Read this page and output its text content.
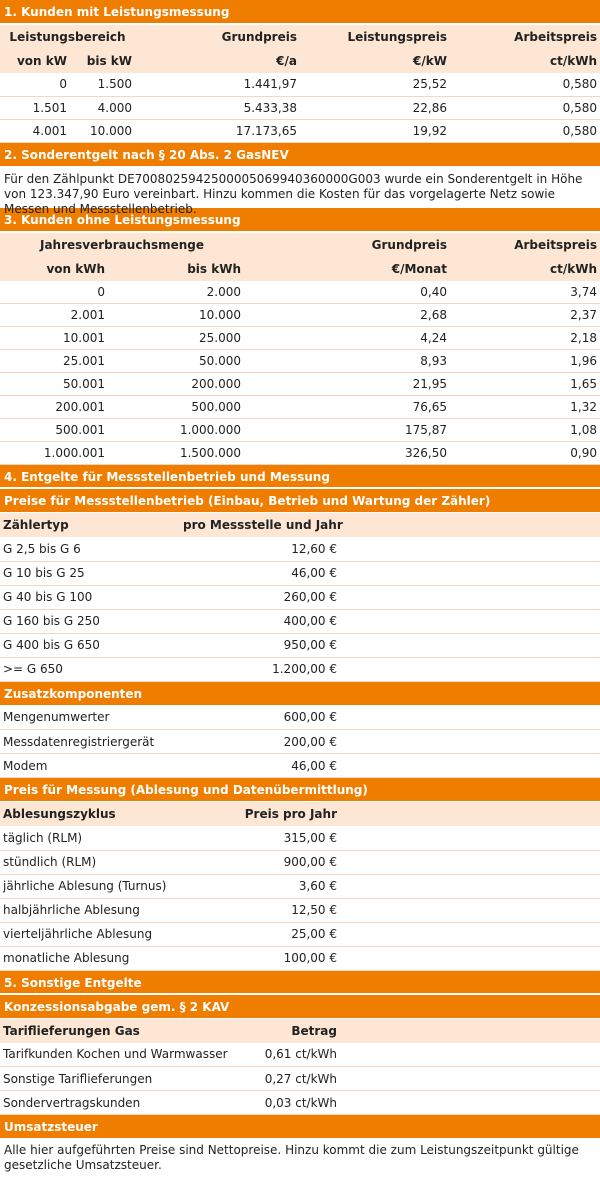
1. Kunden mit Leistungsmessung
Leistungsbereich		Grundpreis	Leistungspreis	Arbeitspreis
von kW	bis kW	€/a	€/kW	ct/kWh
0	1.500	1.441,97	25,52	0,580
1.501	4.000	5.433,38	22,86	0,580
4.001	10.000	17.173,65	19,92	0,580
2. Sonderentgelt nach § 20 Abs. 2 GasNEV
Für den Zählpunkt DE7008025942500005069940360000G003 wurde ein Sonderentgelt in Höhe von 123.347,90 Euro vereinbart. Hinzu kommen die Kosten für das vorgelagerte Netz sowie
3. Kunden ohne Leistungsmessung
Jahresverbrauchsmenge		Grundpreis	Arbeitspreis
von kWh	bis kWh	€/Monat	ct/kWh
0	2.000	0,40	3,74
2.001	10.000	2,68	2,37
10.001	25.000	4,24	2,18
25.001	50.000	8,93	1,96
50.001	200.000	21,95	1,65
200.001	500.000	76,65	1,32
500.001	1.000.000	175,87	1,08
1.000.001	1.500.000	326,50	0,90
4. Entgelte für Messstellenbetrieb und Messung
Preise für Messstellenbetrieb (Einbau, Betrieb und Wartung der Zähler)
Zählertyp	pro Messstelle und Jahr	
G 2,5 bis G 6	12,60 €	
G 10 bis G 25	46,00 €	
G 40 bis G 100	260,00 €	
G 160 bis G 250	400,00 €	
G 400 bis G 650	950,00 €	
>= G 650	1.200,00 €	
Zusatzkomponenten
Mengenumwerter	600,00 €	
Messdatenregistriergerät	200,00 €	
Modem	46,00 €	
Preis für Messung (Ablesung und Datenübermittlung)
Ablesungszyklus	Preis pro Jahr	
täglich (RLM)	315,00 €	
stündlich (RLM)	900,00 €	
jährliche Ablesung (Turnus)	3,60 €	
halbjährliche Ablesung	12,50 €	
vierteljährliche Ablesung	25,00 €	
monatliche Ablesung	100,00 €	
5. Sonstige Entgelte
Konzessionsabgabe gem. § 2 KAV
Tariflieferungen Gas	Betrag	
Tarifkunden Kochen und Warmwasser	0,61 ct/kWh	
Sonstige Tariflieferungen	0,27 ct/kWh	
Sondervertragskunden	0,03 ct/kWh	
Umsatzsteuer
Alle hier aufgeführten Preise sind Nettopreise. Hinzu kommt die zum Leistungszeitpunkt gültige gesetzliche Umsatzsteuer.
